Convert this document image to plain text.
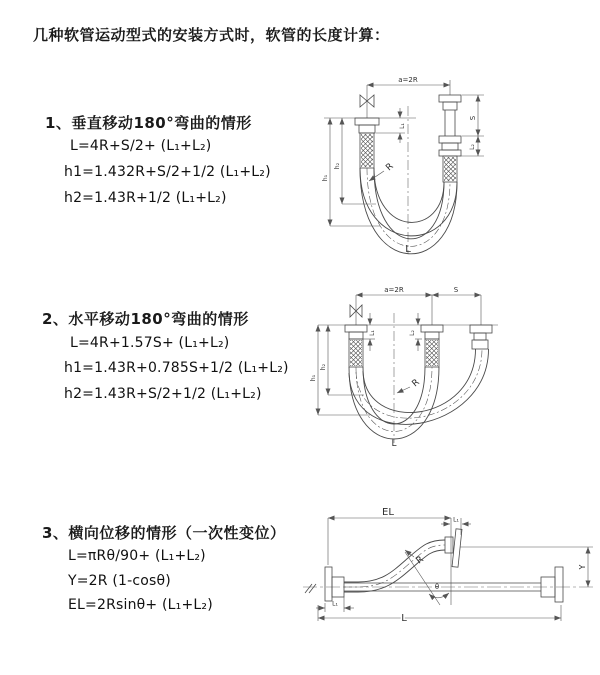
几种软管运动型式的安装方式时，软管的长度计算：
1、垂直移动180°弯曲的情形
L=4R+S/2+ (L₁+L₂)
h1=1.432R+S/2+1/2 (L₁+L₂)
h2=1.43R+1/2 (L₁+L₂)
2、水平移动180°弯曲的情形
L=4R+1.57S+ (L₁+L₂)
h1=1.43R+0.785S+1/2 (L₁+L₂)
h2=1.43R+S/2+1/2 (L₁+L₂)
3、横向位移的情形（一次性变位）
L=πRθ/90+ (L₁+L₂)
Y=2R (1-cosθ)
EL=2Rsinθ+ (L₁+L₂)
a=2R
h₁
h₂
L₁
S
L₂
R
L
a=2R	S
h₁
h₂
L₁	L₂
R
L
EL
L₁
Y
θ
R
L₁
L
